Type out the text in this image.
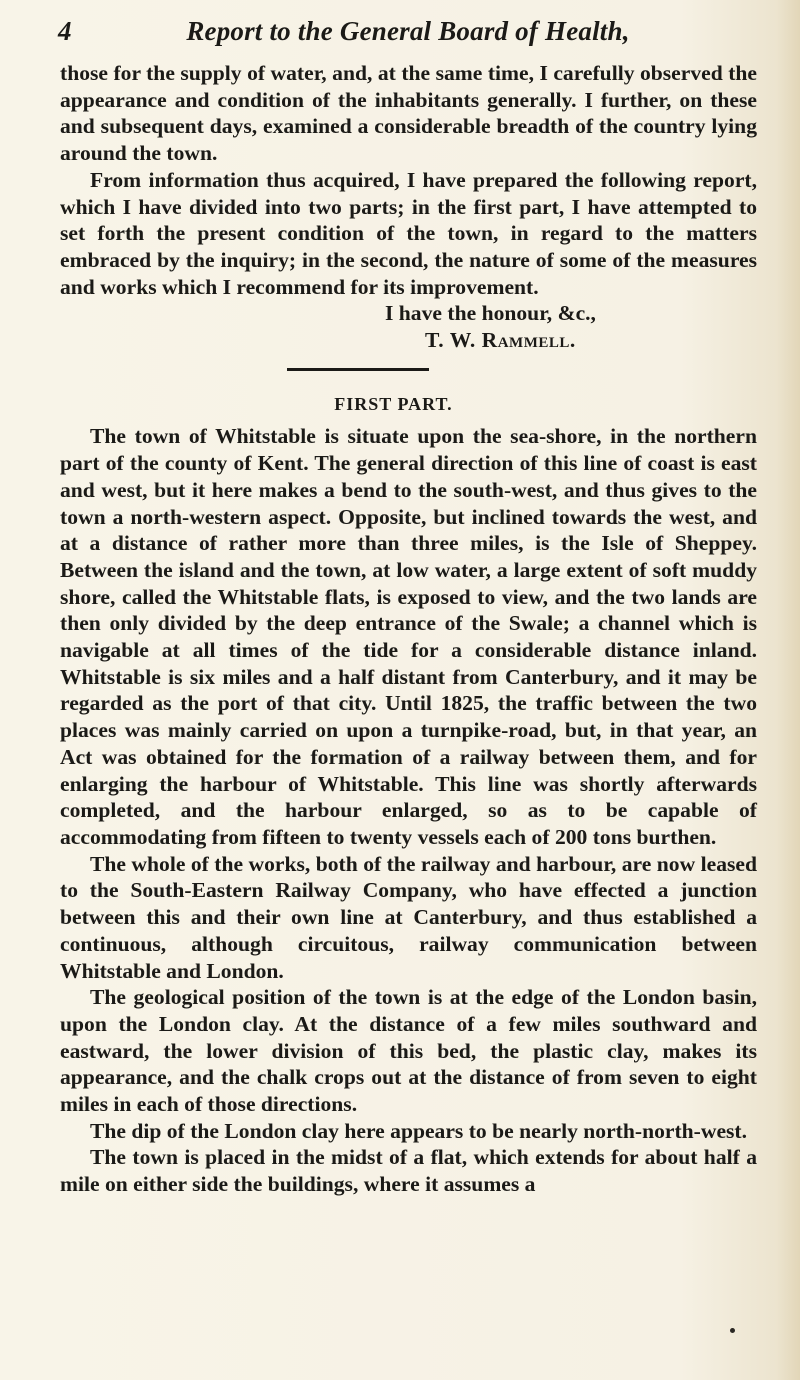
4	Report to the General Board of Health,

those for the supply of water, and, at the same time, I carefully observed the appearance and condition of the inhabitants generally. I further, on these and subsequent days, examined a considerable breadth of the country lying around the town.

From information thus acquired, I have prepared the following report, which I have divided into two parts; in the first part, I have attempted to set forth the present condition of the town, in regard to the matters embraced by the inquiry; in the second, the nature of some of the measures and works which I recommend for its improvement.

I have the honour, &c.,
T. W. Rammell.
FIRST PART.

The town of Whitstable is situate upon the sea-shore, in the northern part of the county of Kent. The general direction of this line of coast is east and west, but it here makes a bend to the south-west, and thus gives to the town a north-western aspect. Opposite, but inclined towards the west, and at a distance of rather more than three miles, is the Isle of Sheppey. Between the island and the town, at low water, a large extent of soft muddy shore, called the Whitstable flats, is exposed to view, and the two lands are then only divided by the deep entrance of the Swale; a channel which is navigable at all times of the tide for a considerable distance inland. Whitstable is six miles and a half distant from Canterbury, and it may be regarded as the port of that city. Until 1825, the traffic between the two places was mainly carried on upon a turnpike-road, but, in that year, an Act was obtained for the formation of a railway between them, and for enlarging the harbour of Whitstable. This line was shortly afterwards completed, and the harbour enlarged, so as to be capable of accommodating from fifteen to twenty vessels each of 200 tons burthen.

The whole of the works, both of the railway and harbour, are now leased to the South-Eastern Railway Company, who have effected a junction between this and their own line at Canterbury, and thus established a continuous, although circuitous, railway communication between Whitstable and London.

The geological position of the town is at the edge of the London basin, upon the London clay. At the distance of a few miles southward and eastward, the lower division of this bed, the plastic clay, makes its appearance, and the chalk crops out at the distance of from seven to eight miles in each of those directions.

The dip of the London clay here appears to be nearly north-north-west.

The town is placed in the midst of a flat, which extends for about half a mile on either side the buildings, where it assumes a
